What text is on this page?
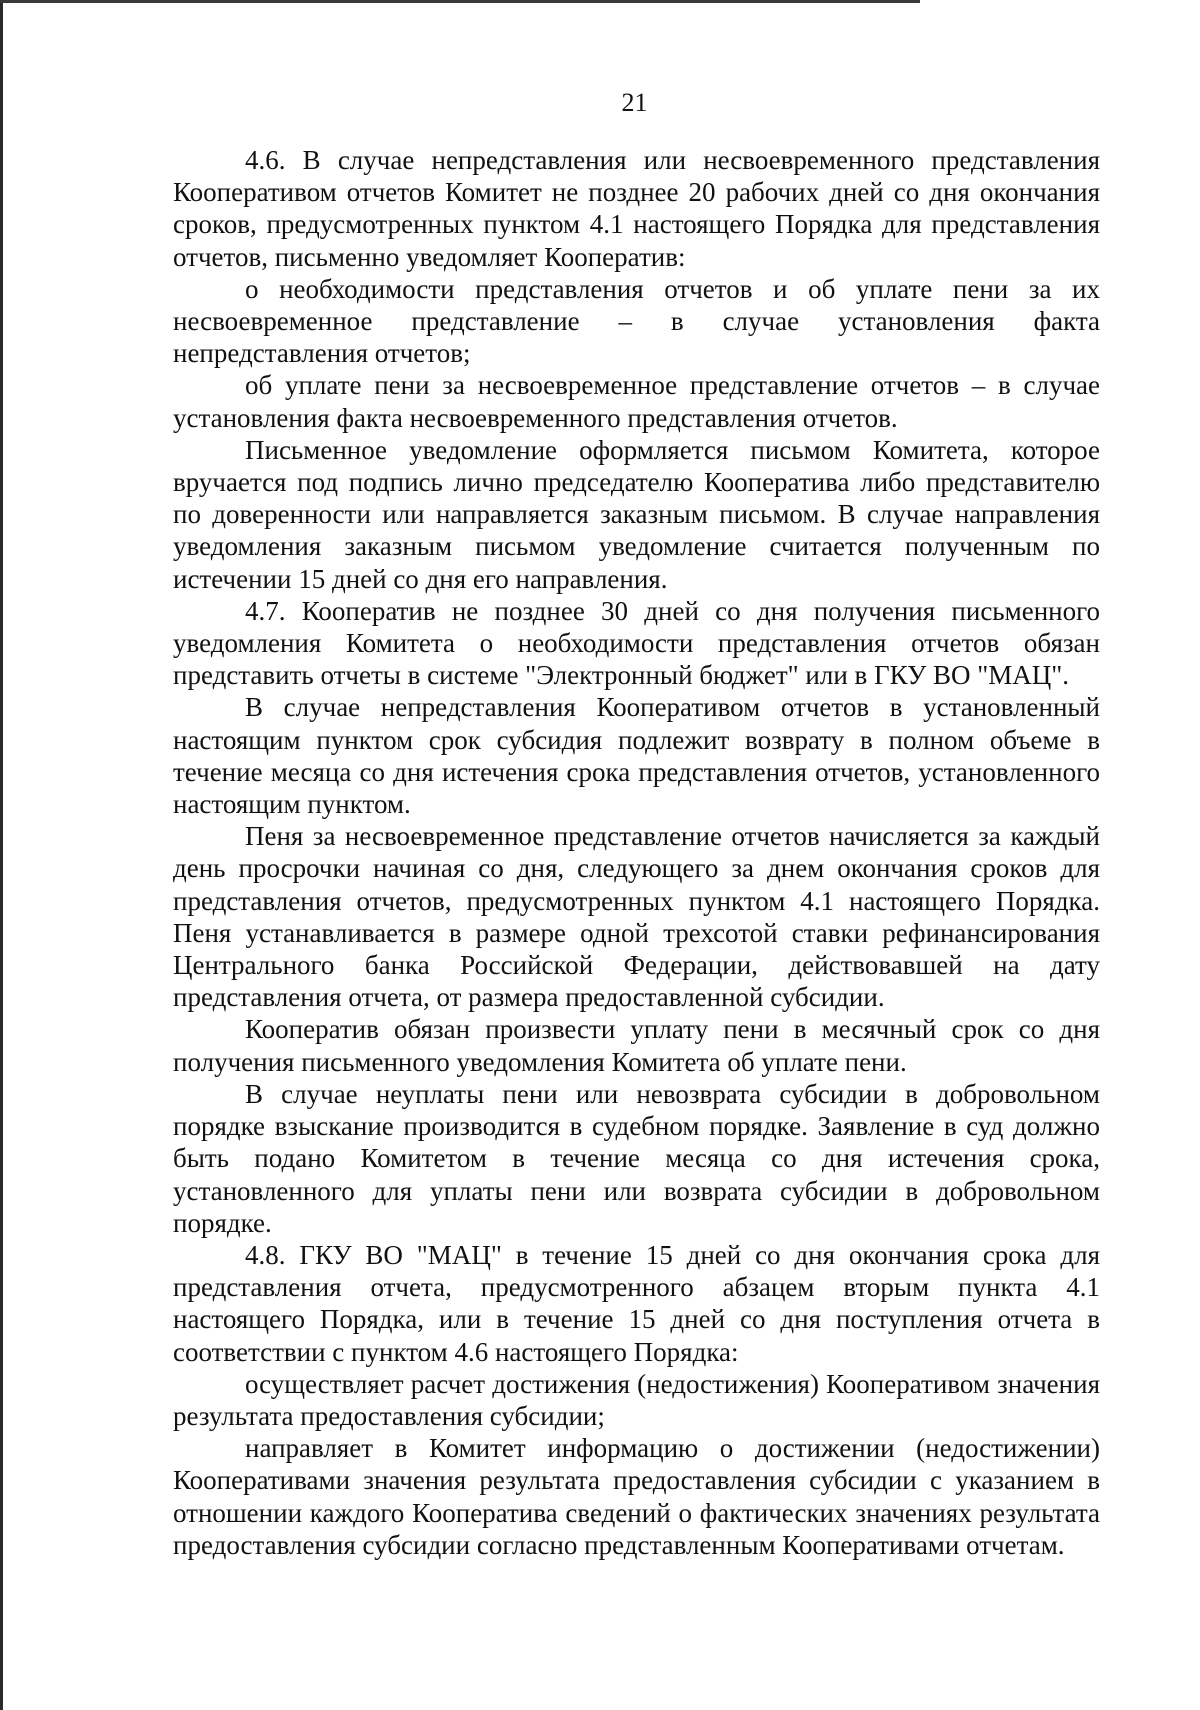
21

4.6. В случае непредставления или несвоевременного представления Кооперативом отчетов Комитет не позднее 20 рабочих дней со дня окончания сроков, предусмотренных пунктом 4.1 настоящего Порядка для представления отчетов, письменно уведомляет Кооператив:

о необходимости представления отчетов и об уплате пени за их несвоевременное представление – в случае установления факта непредставления отчетов;

об уплате пени за несвоевременное представление отчетов – в случае установления факта несвоевременного представления отчетов.

Письменное уведомление оформляется письмом Комитета, которое вручается под подпись лично председателю Кооператива либо представителю по доверенности или направляется заказным письмом. В случае направления уведомления заказным письмом уведомление считается полученным по истечении 15 дней со дня его направления.

4.7. Кооператив не позднее 30 дней со дня получения письменного уведомления Комитета о необходимости представления отчетов обязан представить отчеты в системе "Электронный бюджет" или в ГКУ ВО "МАЦ".

В случае непредставления Кооперативом отчетов в установленный настоящим пунктом срок субсидия подлежит возврату в полном объеме в течение месяца со дня истечения срока представления отчетов, установленного настоящим пунктом.

Пеня за несвоевременное представление отчетов начисляется за каждый день просрочки начиная со дня, следующего за днем окончания сроков для представления отчетов, предусмотренных пунктом 4.1 настоящего Порядка. Пеня устанавливается в размере одной трехсотой ставки рефинансирования Центрального банка Российской Федерации, действовавшей на дату представления отчета, от размера предоставленной субсидии.

Кооператив обязан произвести уплату пени в месячный срок со дня получения письменного уведомления Комитета об уплате пени.

В случае неуплаты пени или невозврата субсидии в добровольном порядке взыскание производится в судебном порядке. Заявление в суд должно быть подано Комитетом в течение месяца со дня истечения срока, установленного для уплаты пени или возврата субсидии в добровольном порядке.

4.8. ГКУ ВО "МАЦ" в течение 15 дней со дня окончания срока для представления отчета, предусмотренного абзацем вторым пункта 4.1 настоящего Порядка, или в течение 15 дней со дня поступления отчета в соответствии с пунктом 4.6 настоящего Порядка:

осуществляет расчет достижения (недостижения) Кооперативом значения результата предоставления субсидии;

направляет в Комитет информацию о достижении (недостижении) Кооперативами значения результата предоставления субсидии с указанием в отношении каждого Кооператива сведений о фактических значениях результата предоставления субсидии согласно представленным Кооперативами отчетам.
